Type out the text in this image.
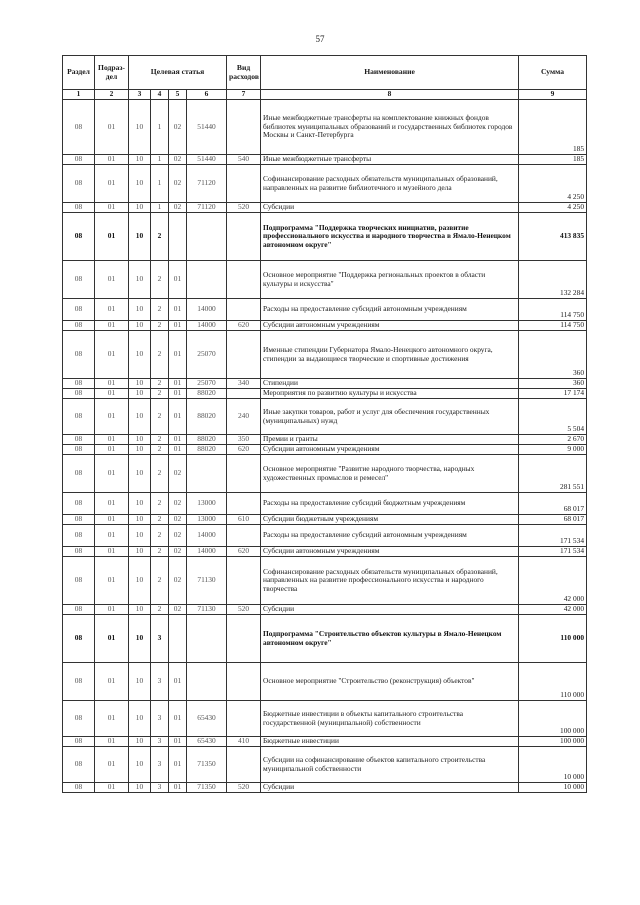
57
Раздел	Подраз-дел	Целевая статья				Вид расходов	Наименование	Сумма
1	2	3	4	5	6	7	8	9
08	01	10	1	02	51440		Иные межбюджетные трансферты на комплектование книжных фондов библиотек муниципальных образований и государственных библиотек городов Москвы и Санкт-Петербурга	185
08	01	10	1	02	51440	540	Иные межбюджетные трансферты	185
08	01	10	1	02	71120		Софинансирование расходных обязательств муниципальных образований, направленных на развитие библиотечного и музейного дела	4 250
08	01	10	1	02	71120	520	Субсидии	4 250
08	01	10	2				Подпрограмма "Поддержка творческих инициатив, развитие профессионального искусства и народного творчества в Ямало-Ненецком автономном округе"	413 835
08	01	10	2	01			Основное мероприятие "Поддержка региональных проектов в области культуры и искусства"	132 284
08	01	10	2	01	14000		Расходы на предоставление субсидий автономным учреждениям	114 750
08	01	10	2	01	14000	620	Субсидии автономным учреждениям	114 750
08	01	10	2	01	25070		Именные стипендии Губернатора Ямало-Ненецкого автономного округа, стипендии за выдающиеся творческие и спортивные достижения	360
08	01	10	2	01	25070	340	Стипендии	360
08	01	10	2	01	88020		Мероприятия по развитию культуры и искусства	17 174
08	01	10	2	01	88020	240	Иные закупки товаров, работ и услуг для обеспечения государственных (муниципальных) нужд	5 504
08	01	10	2	01	88020	350	Премии и гранты	2 670
08	01	10	2	01	88020	620	Субсидии автономным учреждениям	9 000
08	01	10	2	02			Основное мероприятие "Развитие народного творчества, народных художественных промыслов и ремесел"	281 551
08	01	10	2	02	13000		Расходы на предоставление субсидий бюджетным учреждениям	68 017
08	01	10	2	02	13000	610	Субсидии бюджетным учреждениям	68 017
08	01	10	2	02	14000		Расходы на предоставление субсидий автономным учреждениям	171 534
08	01	10	2	02	14000	620	Субсидии автономным учреждениям	171 534
08	01	10	2	02	71130		Софинансирование расходных обязательств муниципальных образований, направленных на развитие профессионального искусства и народного творчества	42 000
08	01	10	2	02	71130	520	Субсидии	42 000
08	01	10	3				Подпрограмма "Строительство объектов культуры в Ямало-Ненецком автономном округе"	110 000
08	01	10	3	01			Основное мероприятие "Строительство (реконструкция) объектов"	110 000
08	01	10	3	01	65430		Бюджетные инвестиции в объекты капитального строительства государственной (муниципальной) собственности	100 000
08	01	10	3	01	65430	410	Бюджетные инвестиции	100 000
08	01	10	3	01	71350		Субсидии на софинансирование объектов капитального строительства муниципальной собственности	10 000
08	01	10	3	01	71350	520	Субсидии	10 000
